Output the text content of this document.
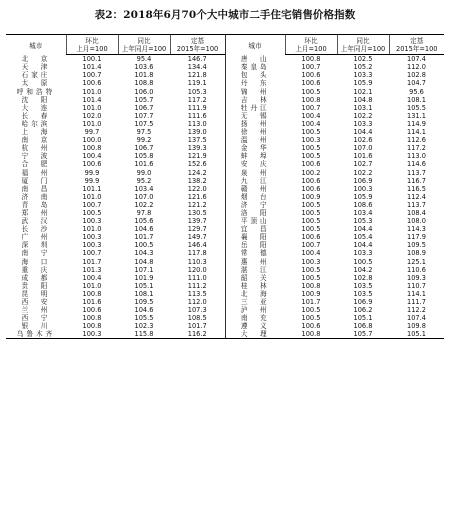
表2：2018年6月70个大中城市二手住宅销售价格指数
城市	环比	同比	定基	城市	环比	同比	定基
	上月=100	上年同月=100	2015年=100		上月=100	上年同月=100	2015年=100
北　京	100.1	95.4	146.7	唐　山	100.8	102.5	107.4
天　津	101.4	103.6	134.4	秦皇岛	100.7	105.2	112.0
石家庄	100.7	101.8	121.8	包　头	100.6	103.3	102.8
太　原	100.6	108.8	119.1	丹　东	100.6	105.9	104.7
呼和浩特	101.0	106.0	105.3	锦　州	100.5	102.1	95.6
沈　阳	101.4	105.7	117.2	吉　林	100.8	104.8	108.1
大　连	101.0	106.7	111.9	牡丹江	100.7	103.1	105.5
长　春	102.0	107.7	111.6	无　锡	100.4	102.2	131.1
哈尔滨	101.0	107.5	113.0	扬　州	100.4	103.3	114.9
上　海	99.7	97.5	139.0	徐　州	100.5	104.4	114.1
南　京	100.0	99.2	137.5	温　州	100.3	102.6	112.6
杭　州	100.8	106.7	139.3	金　华	100.5	107.0	117.2
宁　波	100.4	105.8	121.9	蚌　埠	100.5	101.6	113.0
合　肥	100.6	101.6	152.6	安　庆	100.6	102.7	114.6
福　州	99.9	99.0	124.2	泉　州	100.2	102.2	113.7
厦　门	99.9	95.2	138.2	九　江	100.6	106.9	116.7
南　昌	101.1	103.4	122.0	赣　州	100.6	100.3	116.5
济　南	101.0	107.0	121.6	烟　台	100.9	105.9	112.4
青　岛	100.7	102.2	121.2	济　宁	100.5	108.6	113.7
郑　州	100.5	97.8	130.5	洛　阳	100.5	103.4	108.4
武　汉	100.3	105.6	139.7	平顶山	100.5	105.3	108.0
长　沙	101.0	104.6	129.7	宜　昌	100.5	104.4	114.3
广　州	100.3	101.7	149.7	襄　阳	100.6	105.4	117.9
深　圳	100.3	100.5	146.4	岳　阳	100.7	104.4	109.5
南　宁	100.7	104.3	117.8	常　德	100.4	103.3	108.9
海　口	101.7	104.8	110.3	惠　州	100.3	100.5	125.1
重　庆	101.3	107.1	120.0	湛　江	100.5	104.2	110.6
成　都	100.4	101.9	111.0	韶　关	100.5	102.8	109.3
贵　阳	101.0	105.1	111.2	桂　林	100.8	103.5	110.7
昆　明	100.8	108.1	113.5	北　海	100.9	103.5	114.1
西　安	101.6	109.5	112.0	三　亚	101.7	106.9	111.7
兰　州	100.6	104.6	107.3	泸　州	100.5	106.2	112.2
西　宁	100.8	105.5	108.5	南　充	100.5	105.1	107.4
银　川	100.8	102.3	101.7	遵　义	100.6	106.8	109.8
乌鲁木齐	100.3	115.8	116.2	大　理	100.8	105.7	105.1
